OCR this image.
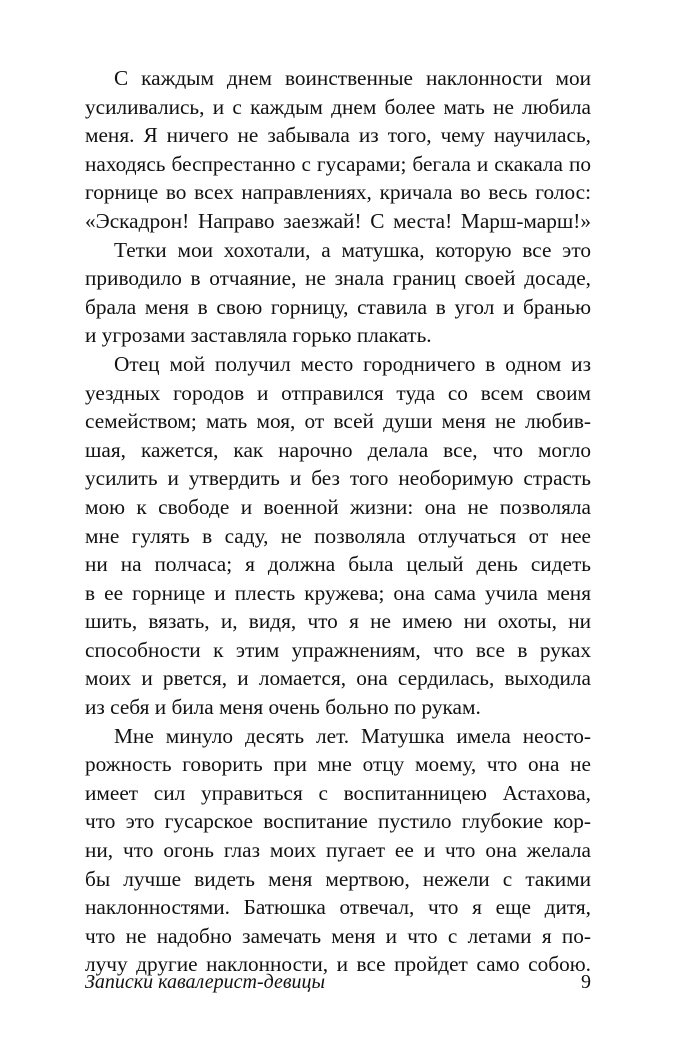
С каждым днем воинственные наклонности мои
усиливались, и с каждым днем более мать не любила
меня. Я ничего не забывала из того, чему научилась,
находясь беспрестанно с гусарами; бегала и скакала по
горнице во всех направлениях, кричала во весь голос:
«Эскадрон! Направо заезжай! С места! Марш-марш!»
Тетки мои хохотали, а матушка, которую все это
приводило в отчаяние, не знала границ своей досаде,
брала меня в свою горницу, ставила в угол и бранью
и угрозами заставляла горько плакать.
Отец мой получил место городничего в одном из
уездных городов и отправился туда со всем своим
семейством; мать моя, от всей души меня не любив-
шая, кажется, как нарочно делала все, что могло
усилить и утвердить и без того необоримую страсть
мою к свободе и военной жизни: она не позволяла
мне гулять в саду, не позволяла отлучаться от нее
ни на полчаса; я должна была целый день сидеть
в ее горнице и плесть кружева; она сама учила меня
шить, вязать, и, видя, что я не имею ни охоты, ни
способности к этим упражнениям, что все в руках
моих и рвется, и ломается, она сердилась, выходила
из себя и била меня очень больно по рукам.
Мне минуло десять лет. Матушка имела неосто-
рожность говорить при мне отцу моему, что она не
имеет сил управиться с воспитанницею Астахова,
что это гусарское воспитание пустило глубокие кор-
ни, что огонь глаз моих пугает ее и что она желала
бы лучше видеть меня мертвою, нежели с такими
наклонностями. Батюшка отвечал, что я еще дитя,
что не надобно замечать меня и что с летами я по-
лучу другие наклонности, и все пройдет само собою.
Записки кавалерист-девицы	9
